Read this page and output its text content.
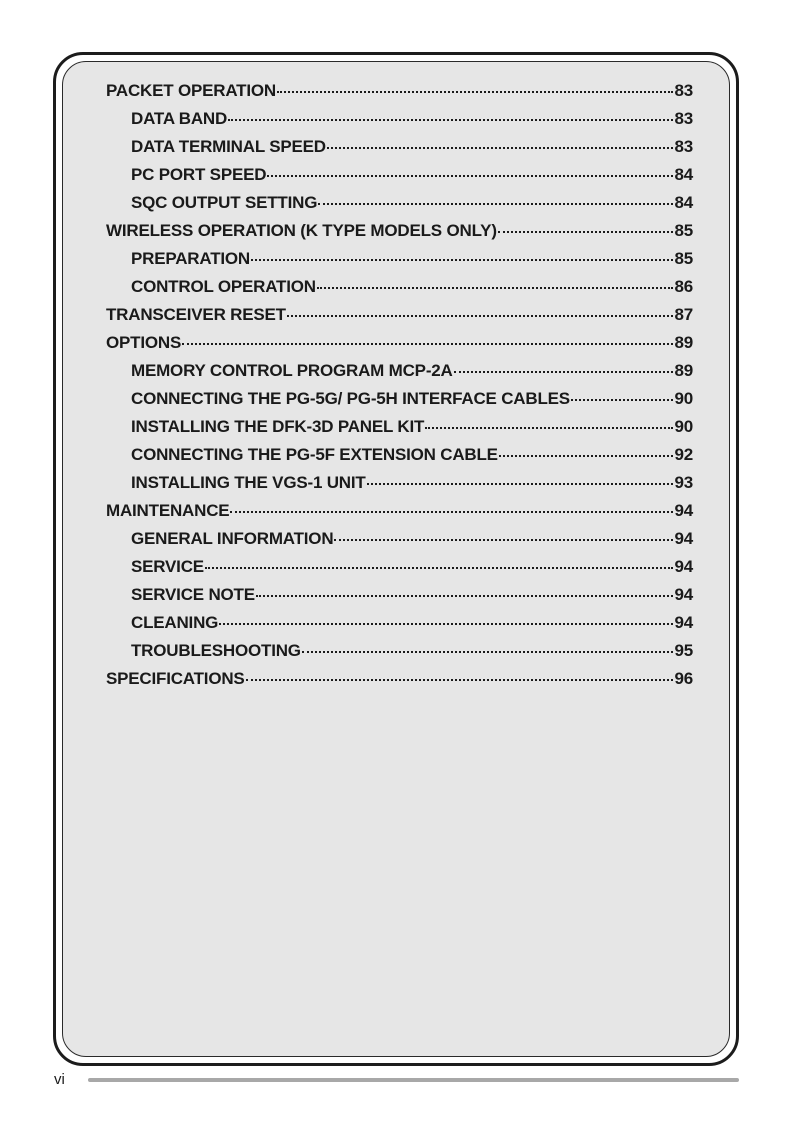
PACKET OPERATION	83
DATA BAND	83
DATA TERMINAL SPEED	83
PC PORT SPEED	84
SQC OUTPUT SETTING	84
WIRELESS OPERATION (K TYPE MODELS ONLY)	85
PREPARATION	85
CONTROL OPERATION	86
TRANSCEIVER RESET	87
OPTIONS	89
MEMORY CONTROL PROGRAM MCP-2A	89
CONNECTING THE PG-5G/ PG-5H INTERFACE CABLES	90
INSTALLING THE DFK-3D PANEL KIT	90
CONNECTING THE PG-5F EXTENSION CABLE	92
INSTALLING THE VGS-1 UNIT	93
MAINTENANCE	94
GENERAL INFORMATION	94
SERVICE	94
SERVICE NOTE	94
CLEANING	94
TROUBLESHOOTING	95
SPECIFICATIONS	96
vi
